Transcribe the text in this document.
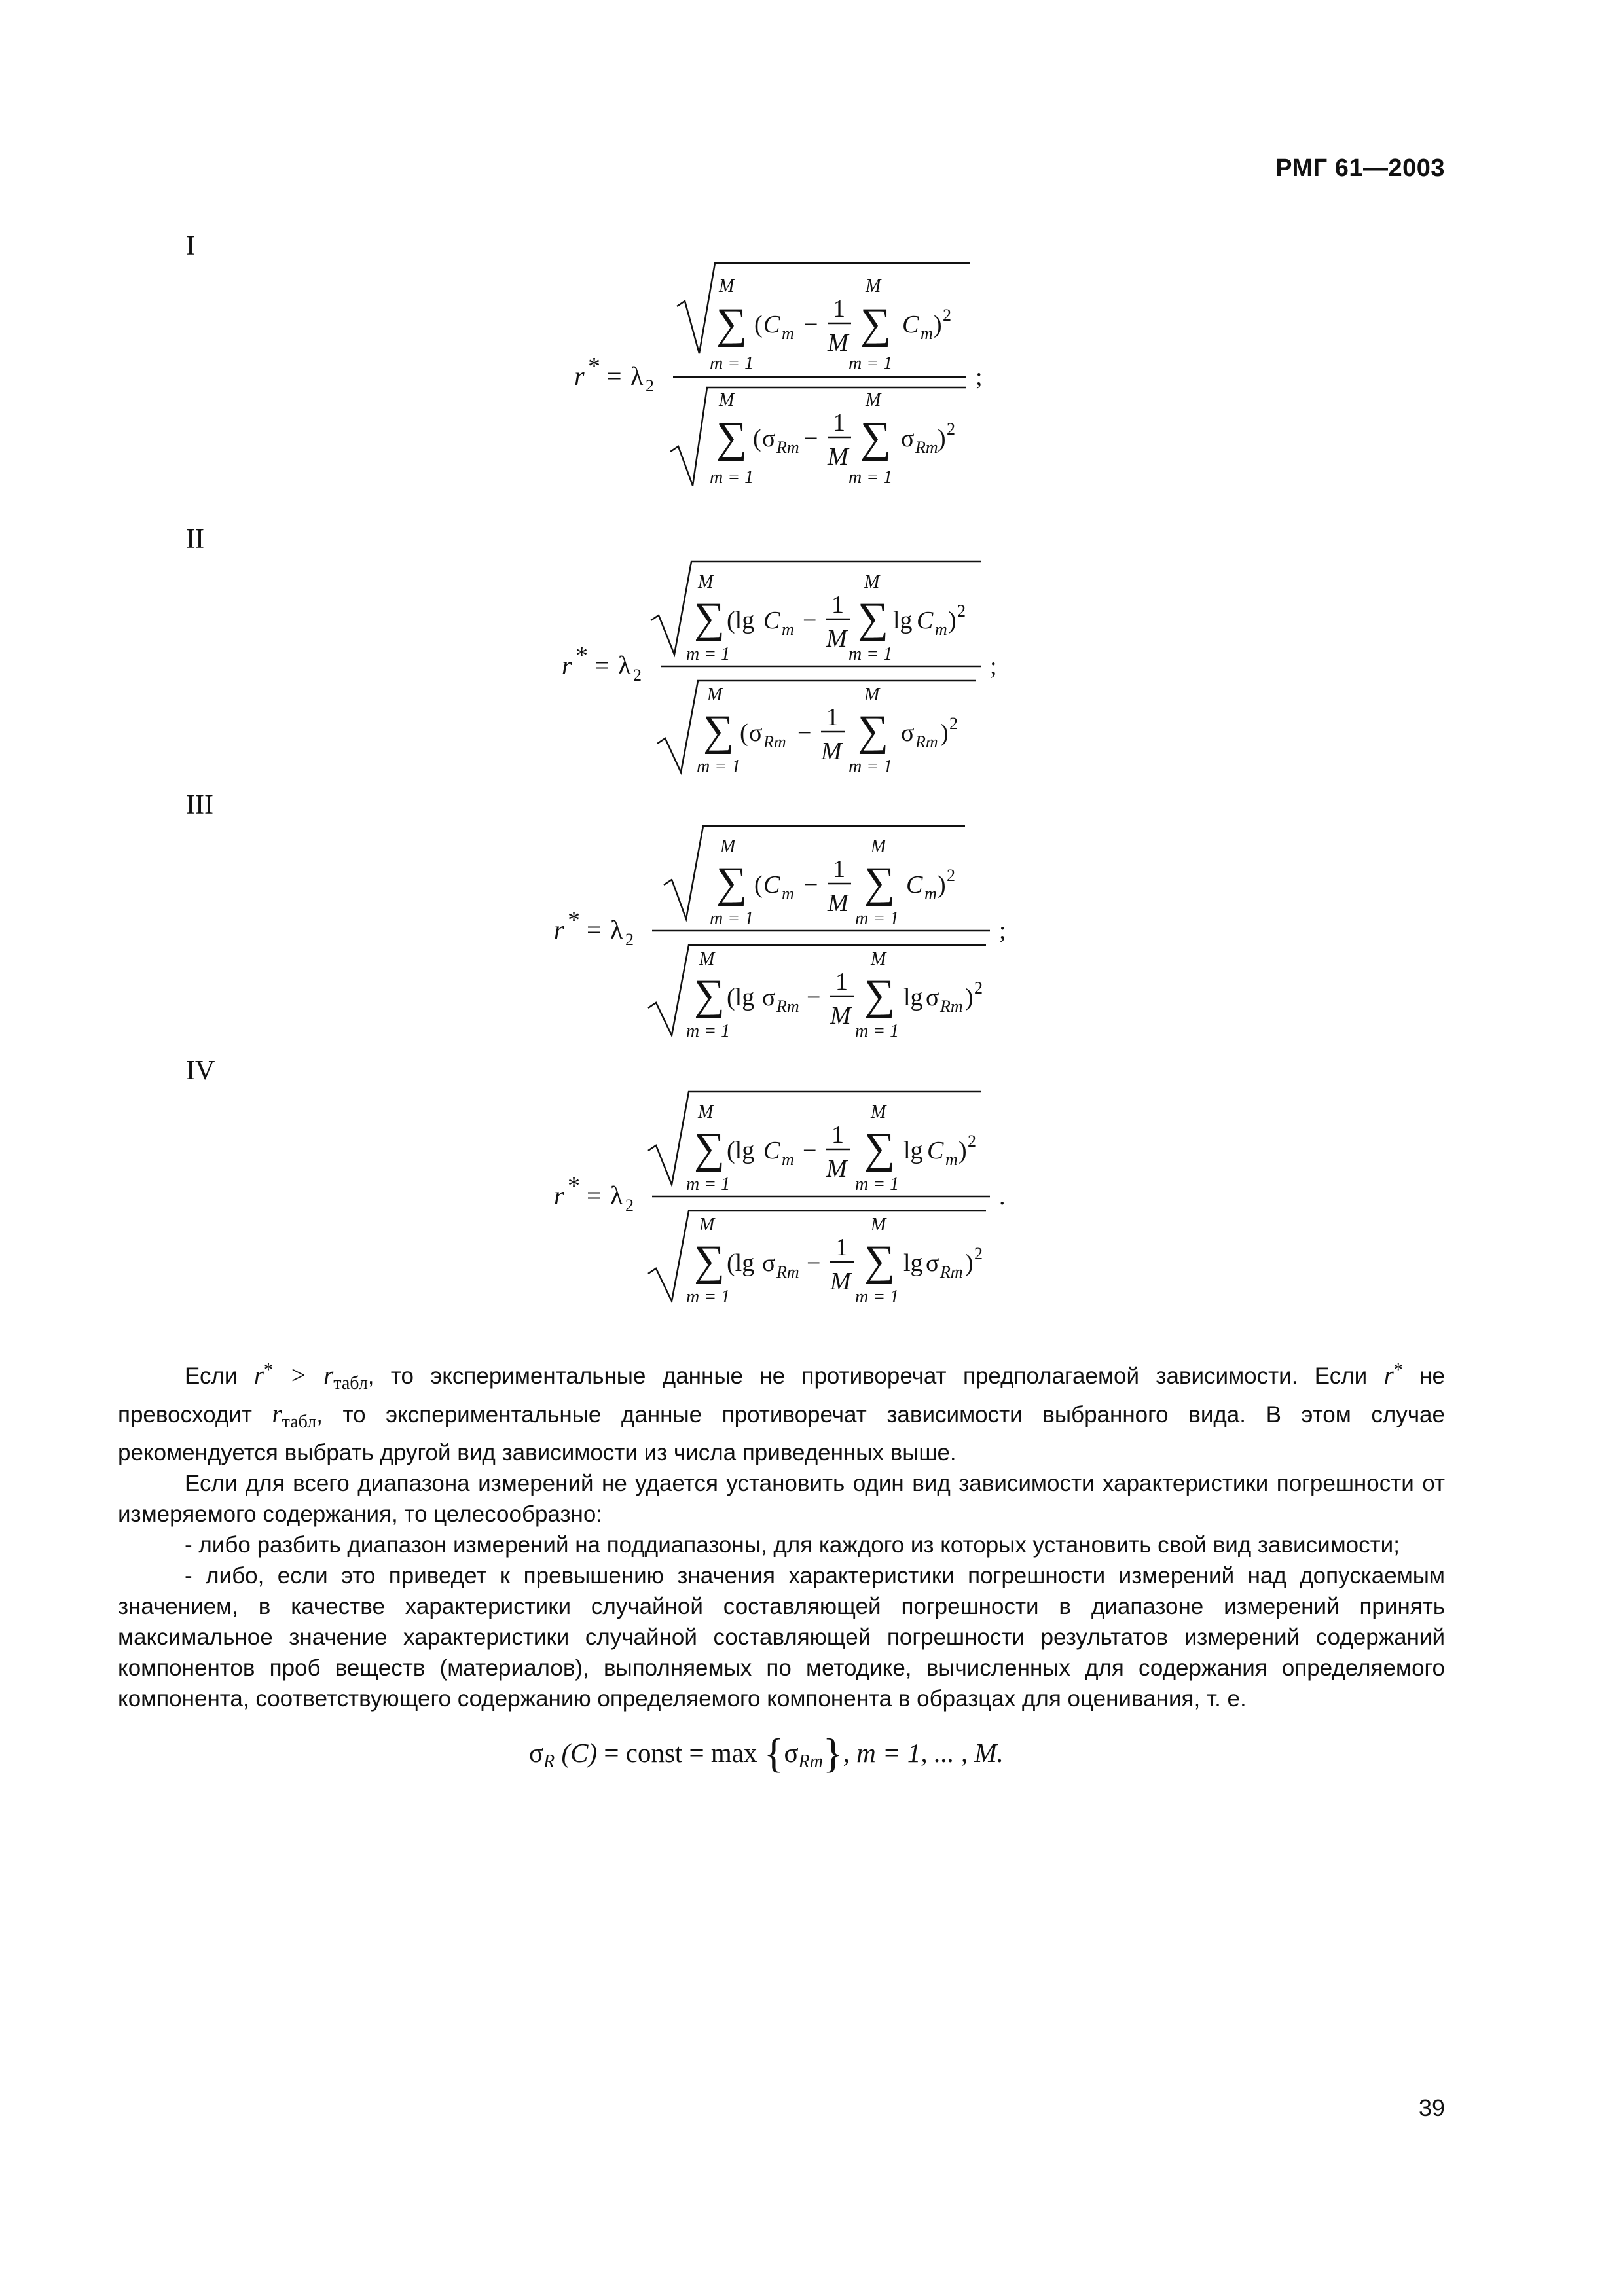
РМГ 61—2003
I
II
III
IV
r * = λ 2	;
M
∑
m = 1
( C m −
1
M
M
∑
m = 1
C m ) 2
M
∑
m = 1
( σ Rm −
1
M
M
∑
m = 1
σ Rm ) 2
r * = λ 2	;
M
∑
m = 1
(lg C m −
1
M
M
∑
m = 1
lg C m ) 2
M
∑
m = 1
( σ Rm −
1
M
M
∑
m = 1
σ Rm ) 2
r * = λ 2	;
M
∑
m = 1
( C m −
1
M
M
∑
m = 1
C m ) 2
M
∑
m = 1
(lg σ Rm −
1
M
M
∑
m = 1
lg σ Rm ) 2
r * = λ 2	.
M
∑
m = 1
(lg C m −
1
M
M
∑
m = 1
lg C m ) 2
M
∑
m = 1
(lg σ Rm −
1
M
M
∑
m = 1
lg σ Rm ) 2

Если $r^* > r_{табл}$, то экспериментальные данные не противоречат предполагаемой зависимости. Если r* не превосходит $r_{табл}$, то экспериментальные данные противоречат зависимости выбранного вида. В этом случае рекомендуется выбрать другой вид зависимости из числа приведенных выше.

Если для всего диапазона измерений не удается установить один вид зависимости характеристики погрешности от измеряемого содержания, то целесообразно:

- либо разбить диапазон измерений на поддиапазоны, для каждого из которых установить свой вид зависимости;

- либо, если это приведет к превышению значения характеристики погрешности измерений над допускаемым значением, в качестве характеристики случайной составляющей погрешности в диапазоне измерений принять максимальное значение характеристики случайной составляющей погрешности результатов измерений содержаний компонентов проб веществ (материалов), выполняемых по методике, вычисленных для содержания определяемого компонента, соответствующего содержанию определяемого компонента в образцах для оценивания, т. е.

σR (C) = const = max {σRm}, m = 1, ... , M.
39
